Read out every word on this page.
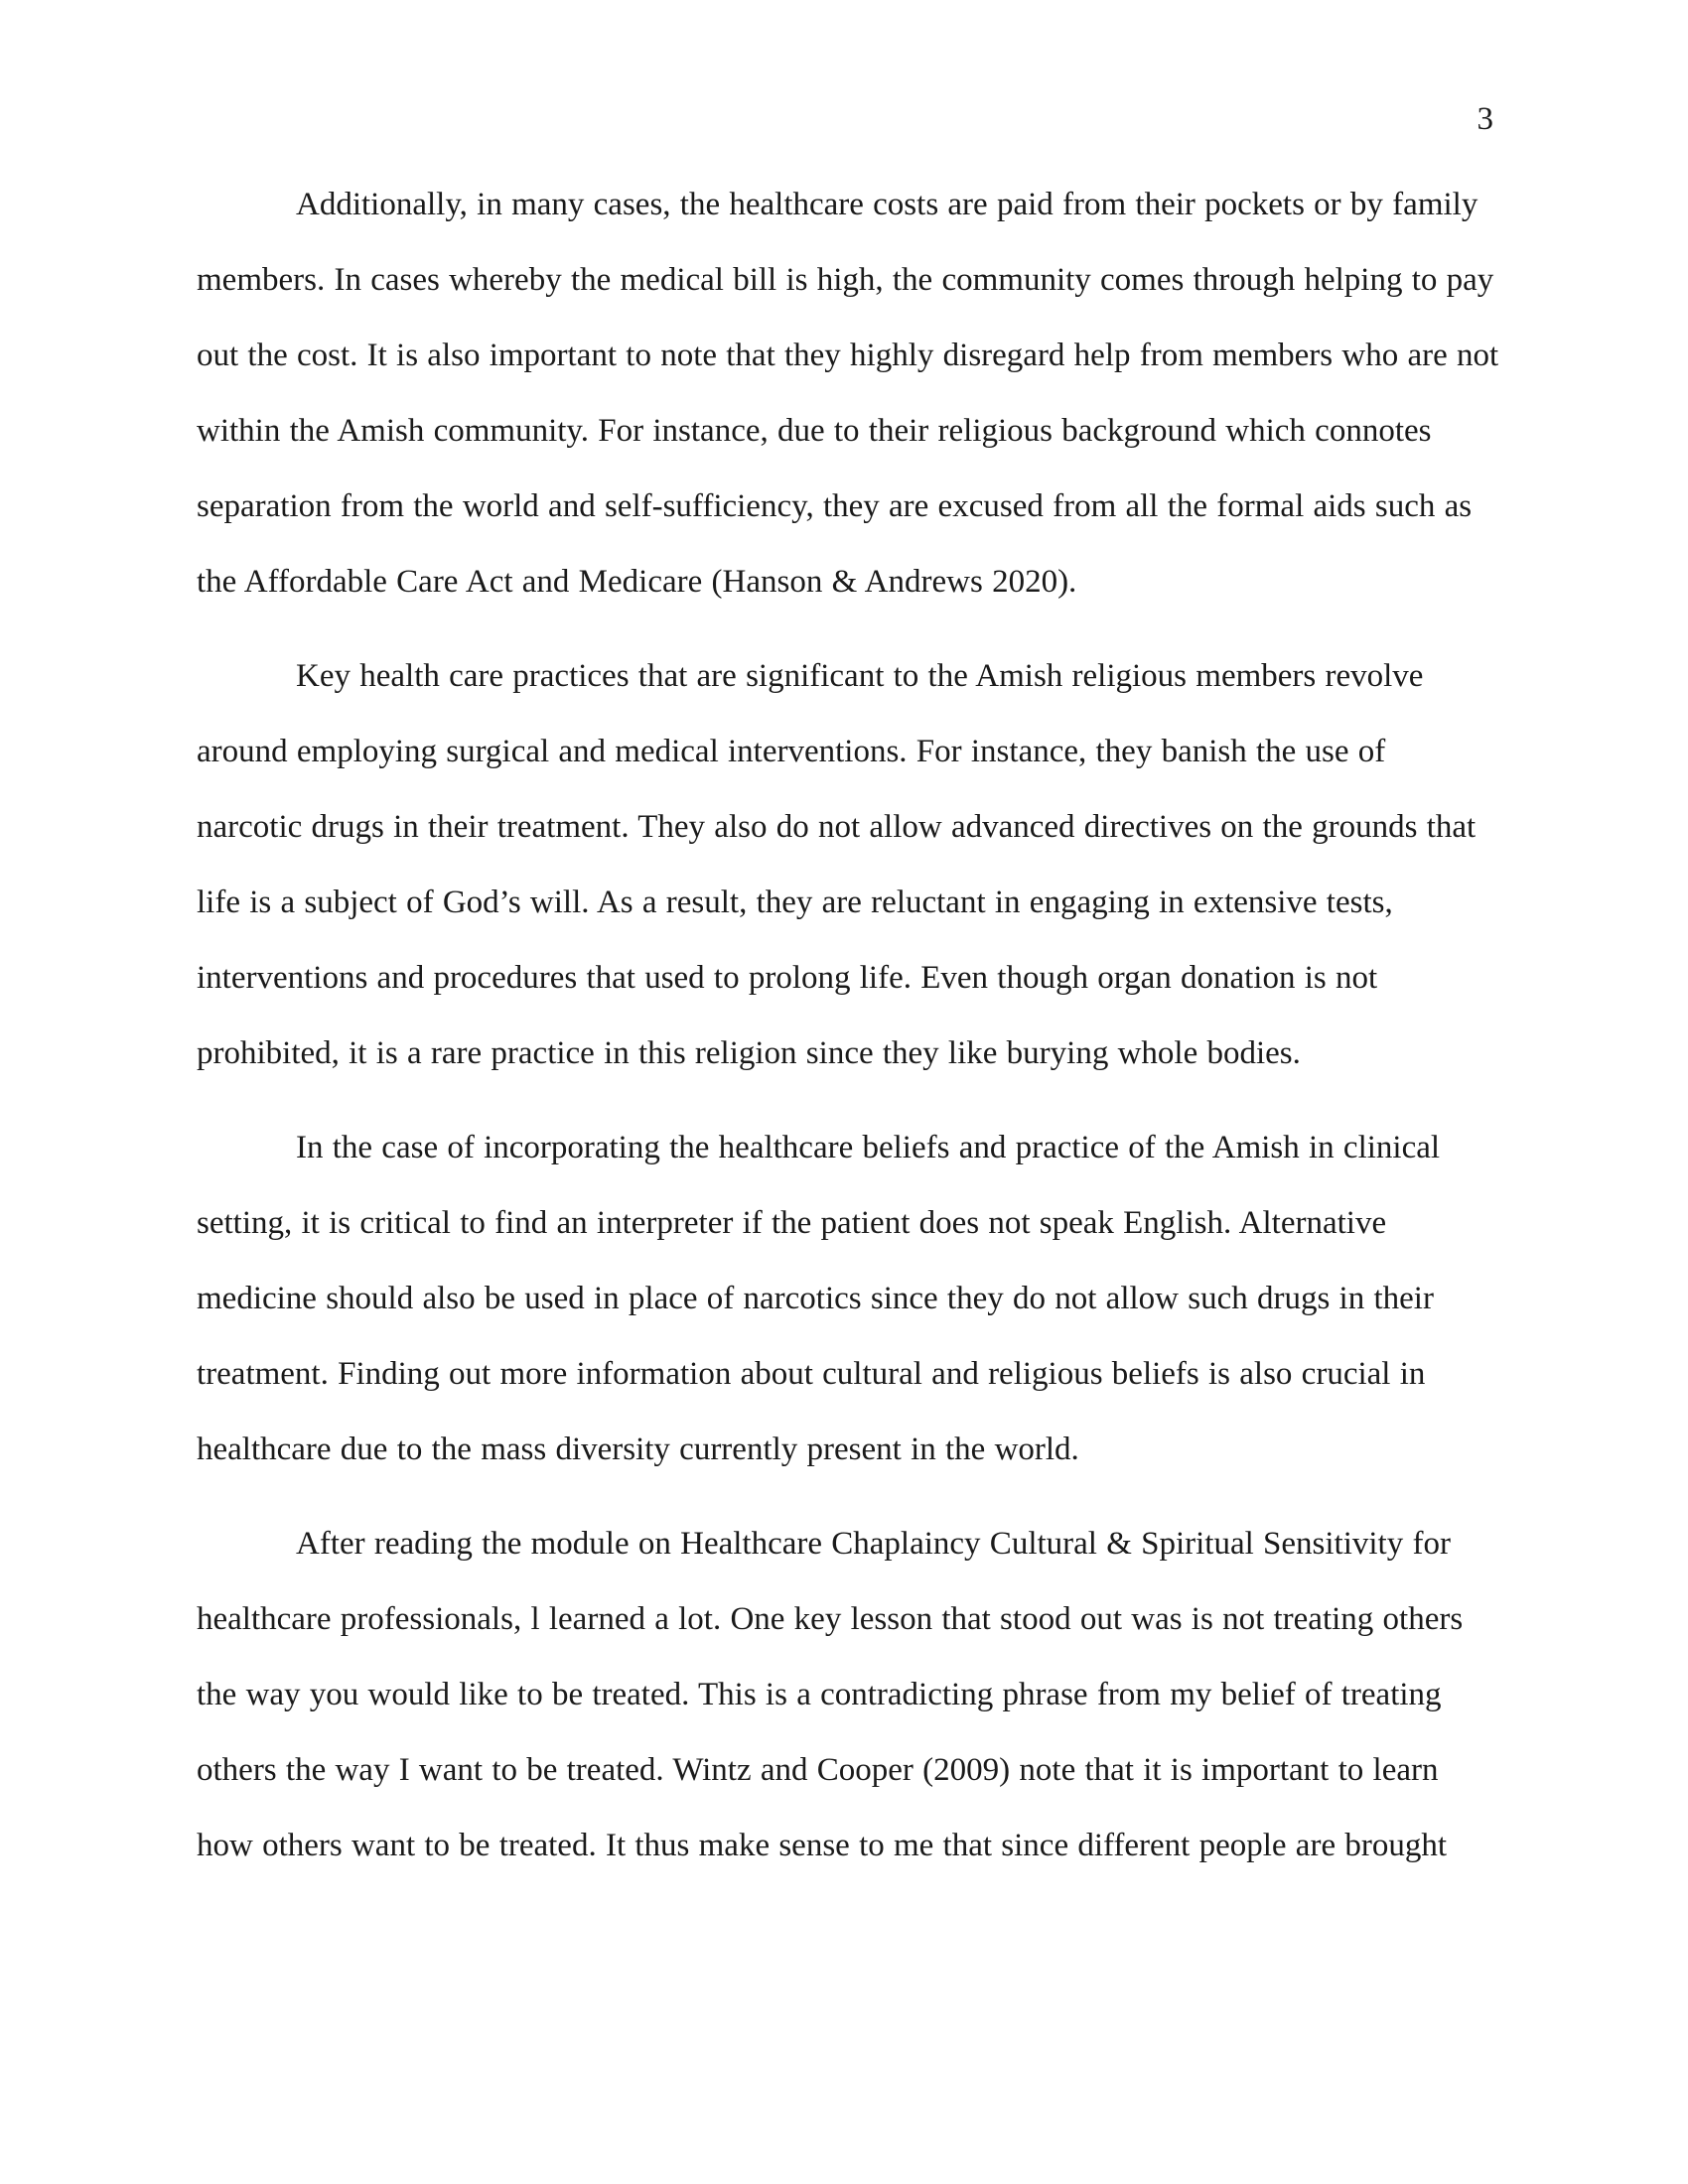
3

Additionally, in many cases, the healthcare costs are paid from their pockets or by family members. In cases whereby the medical bill is high, the community comes through helping to pay out the cost. It is also important to note that they highly disregard help from members who are not within the Amish community. For instance, due to their religious background which connotes separation from the world and self-sufficiency, they are excused from all the formal aids such as the Affordable Care Act and Medicare (Hanson & Andrews 2020).

Key health care practices that are significant to the Amish religious members revolve around employing surgical and medical interventions. For instance, they banish the use of narcotic drugs in their treatment. They also do not allow advanced directives on the grounds that life is a subject of God’s will. As a result, they are reluctant in engaging in extensive tests, interventions and procedures that used to prolong life. Even though organ donation is not prohibited, it is a rare practice in this religion since they like burying whole bodies.

In the case of incorporating the healthcare beliefs and practice of the Amish in clinical setting, it is critical to find an interpreter if the patient does not speak English. Alternative medicine should also be used in place of narcotics since they do not allow such drugs in their treatment. Finding out more information about cultural and religious beliefs is also crucial in healthcare due to the mass diversity currently present in the world.

After reading the module on Healthcare Chaplaincy Cultural & Spiritual Sensitivity for healthcare professionals, l learned a lot. One key lesson that stood out was is not treating others the way you would like to be treated. This is a contradicting phrase from my belief of treating others the way I want to be treated. Wintz and Cooper (2009) note that it is important to learn how others want to be treated. It thus make sense to me that since different people are brought
